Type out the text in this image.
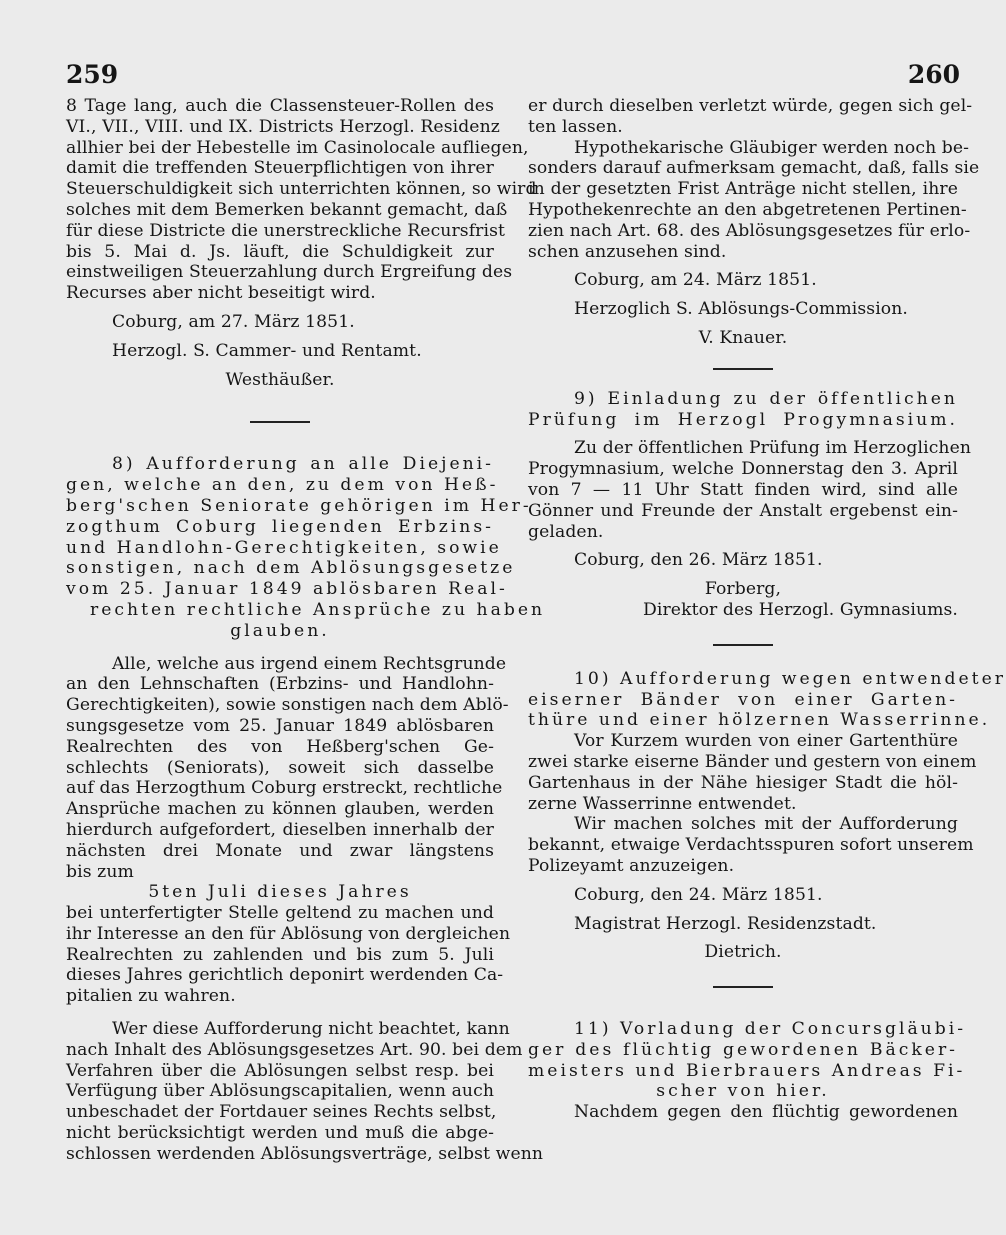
259	260
8 Tage lang, auch die Classensteuer-Rollen des
VI., VII., VIII. und IX. Districts Herzogl. Residenz
allhier bei der Hebestelle im Casinolocale aufliegen,
damit die treffenden Steuerpflichtigen von ihrer
Steuerschuldigkeit sich unterrichten können, so wird
solches mit dem Bemerken bekannt gemacht, daß
für diese Districte die unerstreckliche Recursfrist
bis 5. Mai d. Js. läuft, die Schuldigkeit zur
einstweiligen Steuerzahlung durch Ergreifung des
Recurses aber nicht beseitigt wird.
Coburg, am 27. März 1851.
Herzogl. S. Cammer- und Rentamt.
Westhäußer.
8) Aufforderung an alle Diejeni-
gen, welche an den, zu dem von Heß-
berg'schen Seniorate gehörigen im Her-
zogthum Coburg liegenden Erbzins-
und Handlohn-Gerechtigkeiten, sowie
sonstigen, nach dem Ablösungsgesetze
vom 25. Januar 1849 ablösbaren Real-
rechten rechtliche Ansprüche zu haben
glauben.
Alle, welche aus irgend einem Rechtsgrunde
an den Lehnschaften (Erbzins- und Handlohn-
Gerechtigkeiten), sowie sonstigen nach dem Ablö-
sungsgesetze vom 25. Januar 1849 ablösbaren
Realrechten des von Heßberg'schen Ge-
schlechts (Seniorats), soweit sich dasselbe
auf das Herzogthum Coburg erstreckt, rechtliche
Ansprüche machen zu können glauben, werden
hierdurch aufgefordert, dieselben innerhalb der
nächsten drei Monate und zwar längstens
bis zum
5ten Juli dieses Jahres
bei unterfertigter Stelle geltend zu machen und
ihr Interesse an den für Ablösung von dergleichen
Realrechten zu zahlenden und bis zum 5. Juli
dieses Jahres gerichtlich deponirt werdenden Ca-
pitalien zu wahren.
Wer diese Aufforderung nicht beachtet, kann
nach Inhalt des Ablösungsgesetzes Art. 90. bei dem
Verfahren über die Ablösungen selbst resp. bei
Verfügung über Ablösungscapitalien, wenn auch
unbeschadet der Fortdauer seines Rechts selbst,
nicht berücksichtigt werden und muß die abge-
schlossen werdenden Ablösungsverträge, selbst wenn
er durch dieselben verletzt würde, gegen sich gel-
ten lassen.
Hypothekarische Gläubiger werden noch be-
sonders darauf aufmerksam gemacht, daß, falls sie
in der gesetzten Frist Anträge nicht stellen, ihre
Hypothekenrechte an den abgetretenen Pertinen-
zien nach Art. 68. des Ablösungsgesetzes für erlo-
schen anzusehen sind.
Coburg, am 24. März 1851.
Herzoglich S. Ablösungs-Commission.
V. Knauer.
9) Einladung zu der öffentlichen
Prüfung im Herzogl Progymnasium.
Zu der öffentlichen Prüfung im Herzoglichen
Progymnasium, welche Donnerstag den 3. April
von 7 — 11 Uhr Statt finden wird, sind alle
Gönner und Freunde der Anstalt ergebenst ein-
geladen.
Coburg, den 26. März 1851.
Forberg,
Direktor des Herzogl. Gymnasiums.
10) Aufforderung wegen entwendeter
eiserner Bänder von einer Garten-
thüre und einer hölzernen Wasserrinne.
Vor Kurzem wurden von einer Gartenthüre
zwei starke eiserne Bänder und gestern von einem
Gartenhaus in der Nähe hiesiger Stadt die höl-
zerne Wasserrinne entwendet.
Wir machen solches mit der Aufforderung
bekannt, etwaige Verdachtsspuren sofort unserem
Polizeyamt anzuzeigen.
Coburg, den 24. März 1851.
Magistrat Herzogl. Residenzstadt.
Dietrich.
11) Vorladung der Concursgläubi-
ger des flüchtig gewordenen Bäcker-
meisters und Bierbrauers Andreas Fi-
scher von hier.
Nachdem gegen den flüchtig gewordenen
